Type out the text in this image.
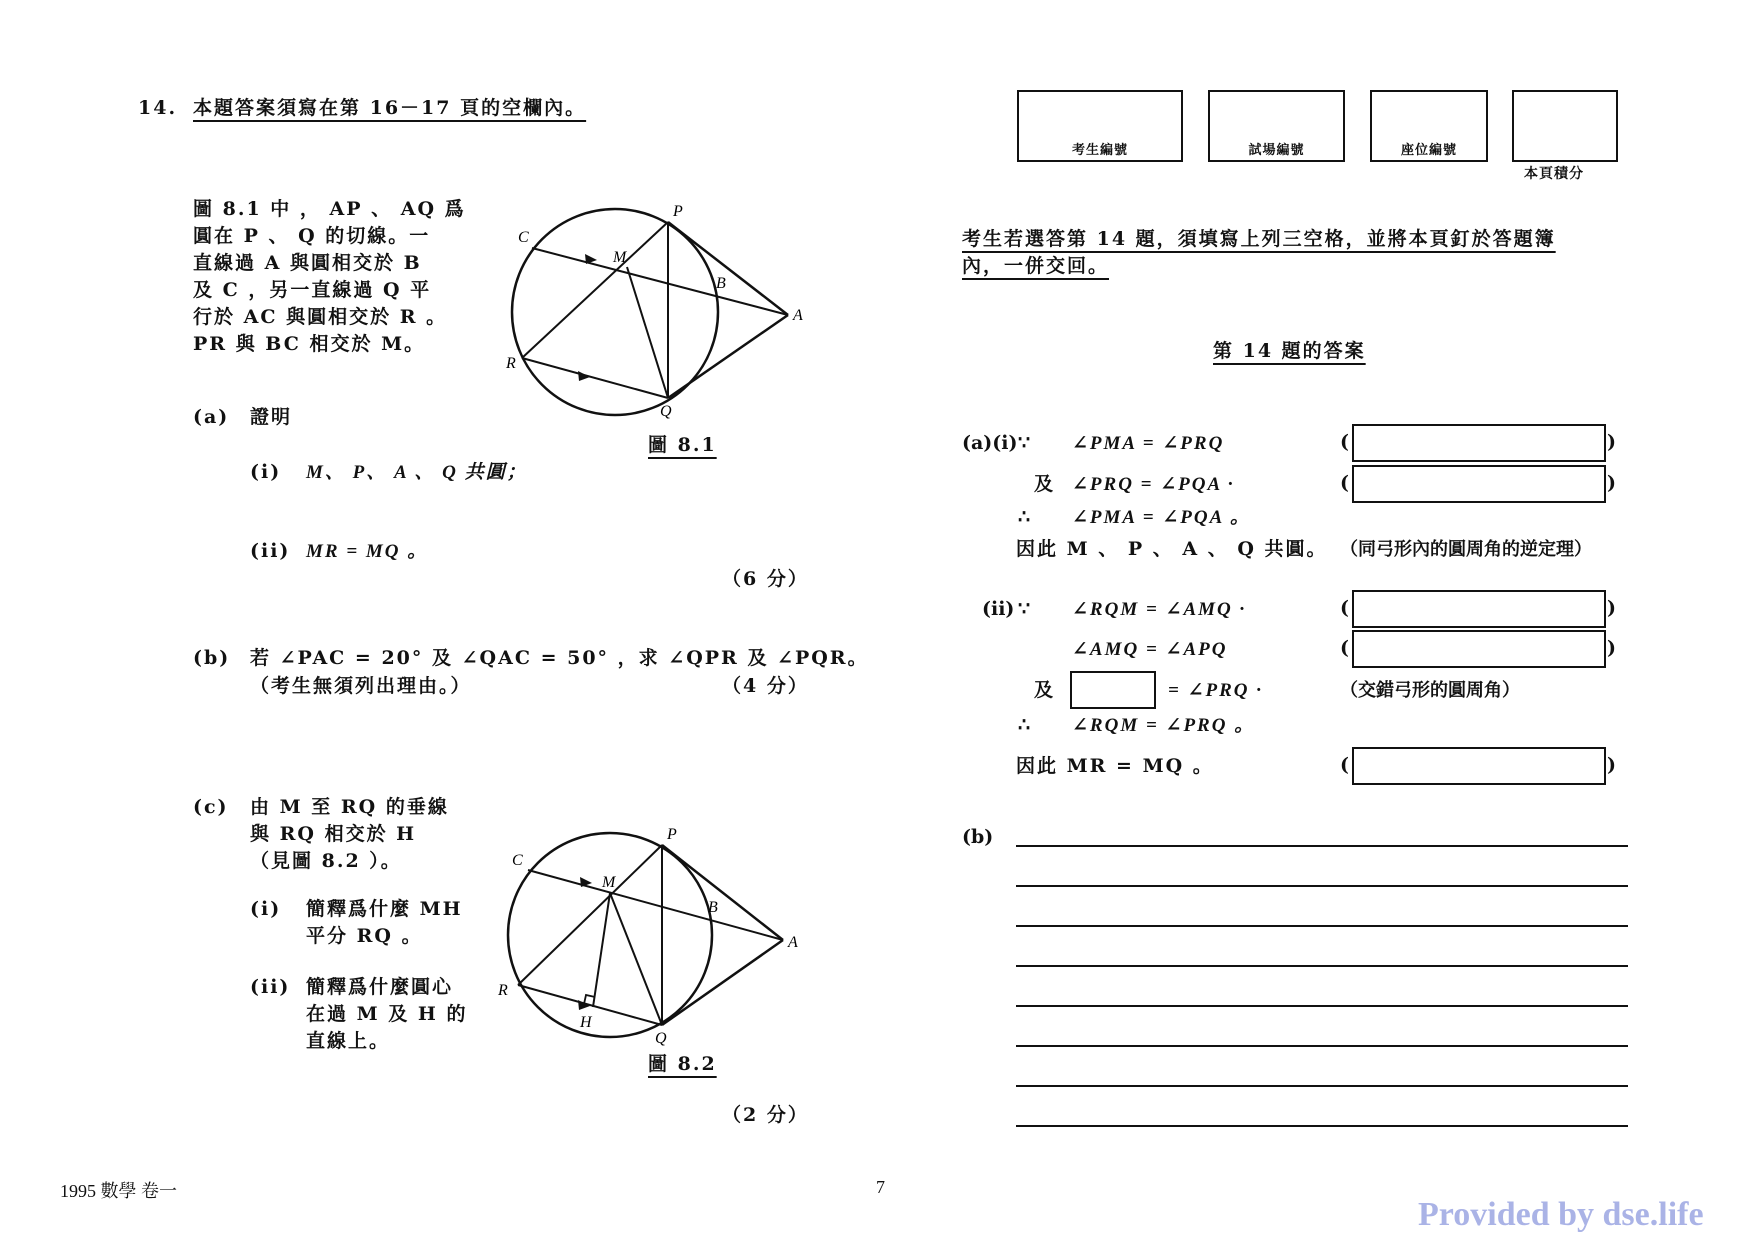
14. 本題答案須寫在第 16－17 頁的空欄內。
圖 8.1 中 ， AP 、 AQ 爲
圓在 P 、 Q 的切線。一
直線過 A 與圓相交於 B
及 C ，另一直線過 Q 平
行於 AC 與圓相交於 R 。
PR 與 BC 相交於 M。
P
Q
A
B
C
M
R
圖 8.1
(a) 證明
(i) M、 P、 A 、 Q 共圓；
(ii) MR = MQ 。
（6 分）
(b) 若 ∠PAC = 20° 及 ∠QAC = 50° ，求 ∠QPR 及 ∠PQR。
（考生無須列出理由。）	（4 分）
(c) 由 M 至 RQ 的垂線
與 RQ 相交於 H
（見圖 8.2 ）。
(i) 簡釋爲什麼 MH
平分 RQ 。
(ii) 簡釋爲什麼圓心
在過 M 及 H 的
直線上。
P
Q
A
B
C
M
R
H
圖 8.2
（2 分）
1995 數學 卷一	7
考生編號	試場編號	座位編號
本頁積分
考生若選答第 14 題，須填寫上列三空格，並將本頁釘於答題簿
內，一併交回。
第 14 題的答案
(a)(i) ∵ ∠PMA = ∠PRQ	(	)
及 ∠PRQ = ∠PQA ·	(	)
∴ ∠PMA = ∠PQA 。
因此 M 、 P 、 A 、 Q 共圓。 （同弓形內的圓周角的逆定理）
(ii) ∵ ∠RQM = ∠AMQ ·	(	)
∠AMQ = ∠APQ	(	)
及	= ∠PRQ ·	（交錯弓形的圓周角）
∴ ∠RQM = ∠PRQ 。
因此 MR = MQ 。	(	)
(b)
Provided by dse.life
